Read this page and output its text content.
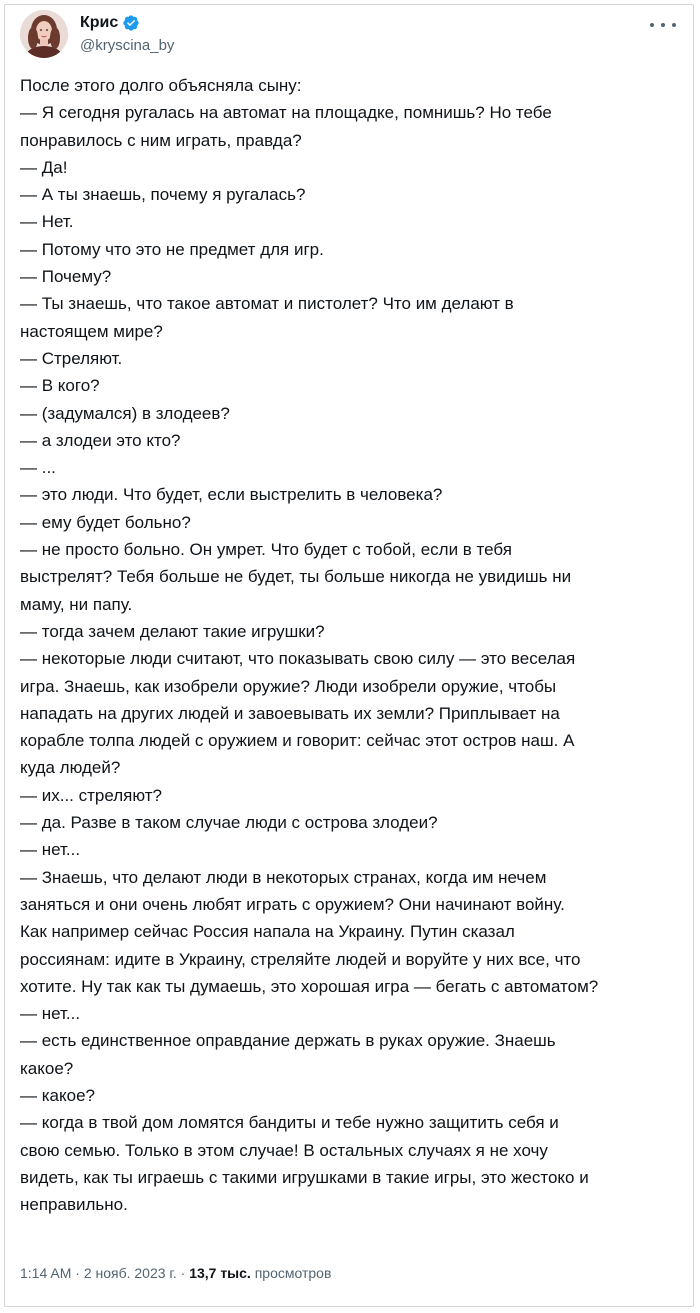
Крис
@kryscina_by
После этого долго объясняла сыну:
— Я сегодня ругалась на автомат на площадке, помнишь? Но тебе
понравилось с ним играть, правда?
— Да!
— А ты знаешь, почему я ругалась?
— Нет.
— Потому что это не предмет для игр.
— Почему?
— Ты знаешь, что такое автомат и пистолет? Что им делают в
настоящем мире?
— Стреляют.
— В кого?
— (задумался) в злодеев?
— а злодеи это кто?
— ...
— это люди. Что будет, если выстрелить в человека?
— ему будет больно?
— не просто больно. Он умрет. Что будет с тобой, если в тебя
выстрелят? Тебя больше не будет, ты больше никогда не увидишь ни
маму, ни папу.
— тогда зачем делают такие игрушки?
— некоторые люди считают, что показывать свою силу — это веселая
игра. Знаешь, как изобрели оружие? Люди изобрели оружие, чтобы
нападать на других людей и завоевывать их земли? Приплывает на
корабле толпа людей с оружием и говорит: сейчас этот остров наш. А
куда людей?
— их... стреляют?
— да. Разве в таком случае люди с острова злодеи?
— нет...
— Знаешь, что делают люди в некоторых странах, когда им нечем
заняться и они очень любят играть с оружием? Они начинают войну.
Как например сейчас Россия напала на Украину. Путин сказал
россиянам: идите в Украину, стреляйте людей и воруйте у них все, что
хотите. Ну так как ты думаешь, это хорошая игра — бегать с автоматом?
— нет...
— есть единственное оправдание держать в руках оружие. Знаешь
какое?
— какое?
— когда в твой дом ломятся бандиты и тебе нужно защитить себя и
свою семью. Только в этом случае! В остальных случаях я не хочу
видеть, как ты играешь с такими игрушками в такие игры, это жестоко и
неправильно.
1:14 AM · 2 нояб. 2023 г. · 13,7 тыс. просмотров
